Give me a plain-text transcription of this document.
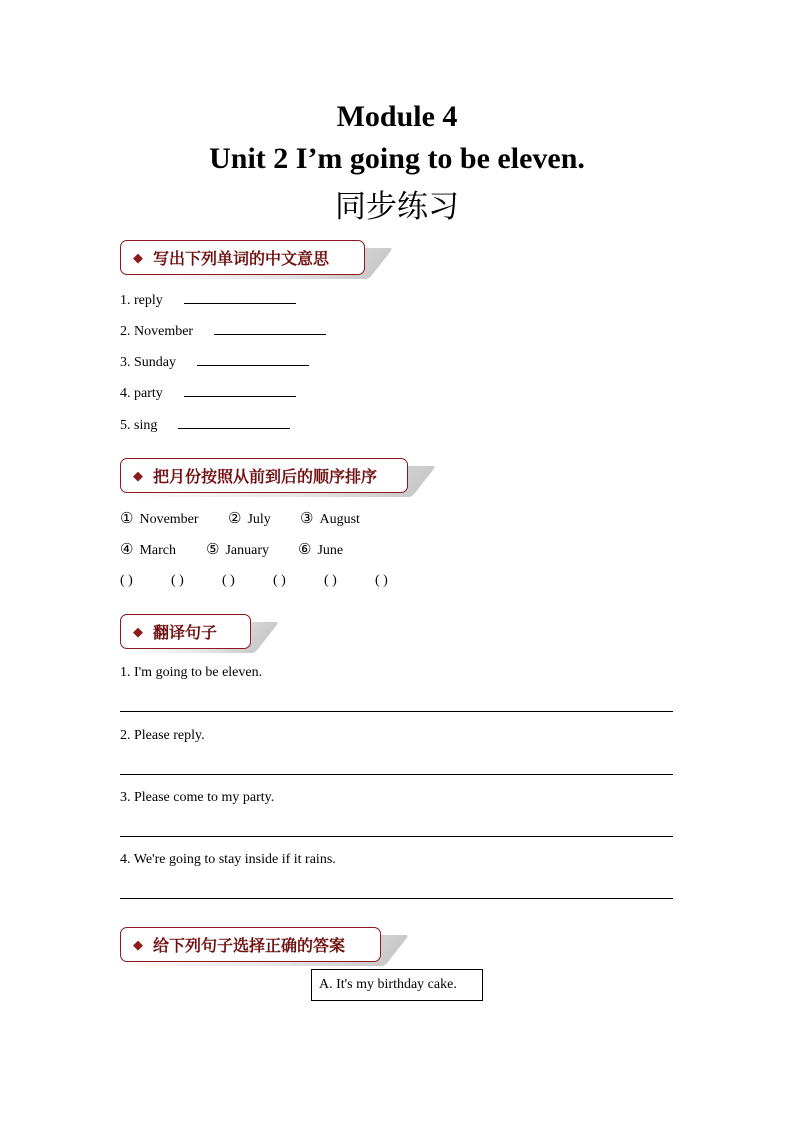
Module 4
Unit 2 I’m going to be eleven.
同步练习
◆ 写出下列单词的中文意思
1. reply
2. November
3. Sunday
4. party
5. sing
◆ 把月份按照从前到后的顺序排序
① November ② July ③ August
④ March ⑤ January ⑥ June
( )	( )	( )	( )	( )	( )
◆ 翻译句子
1. I'm going to be eleven.
2. Please reply.
3. Please come to my party.
4. We're going to stay inside if it rains.
◆ 给下列句子选择正确的答案
A. It's my birthday cake.
